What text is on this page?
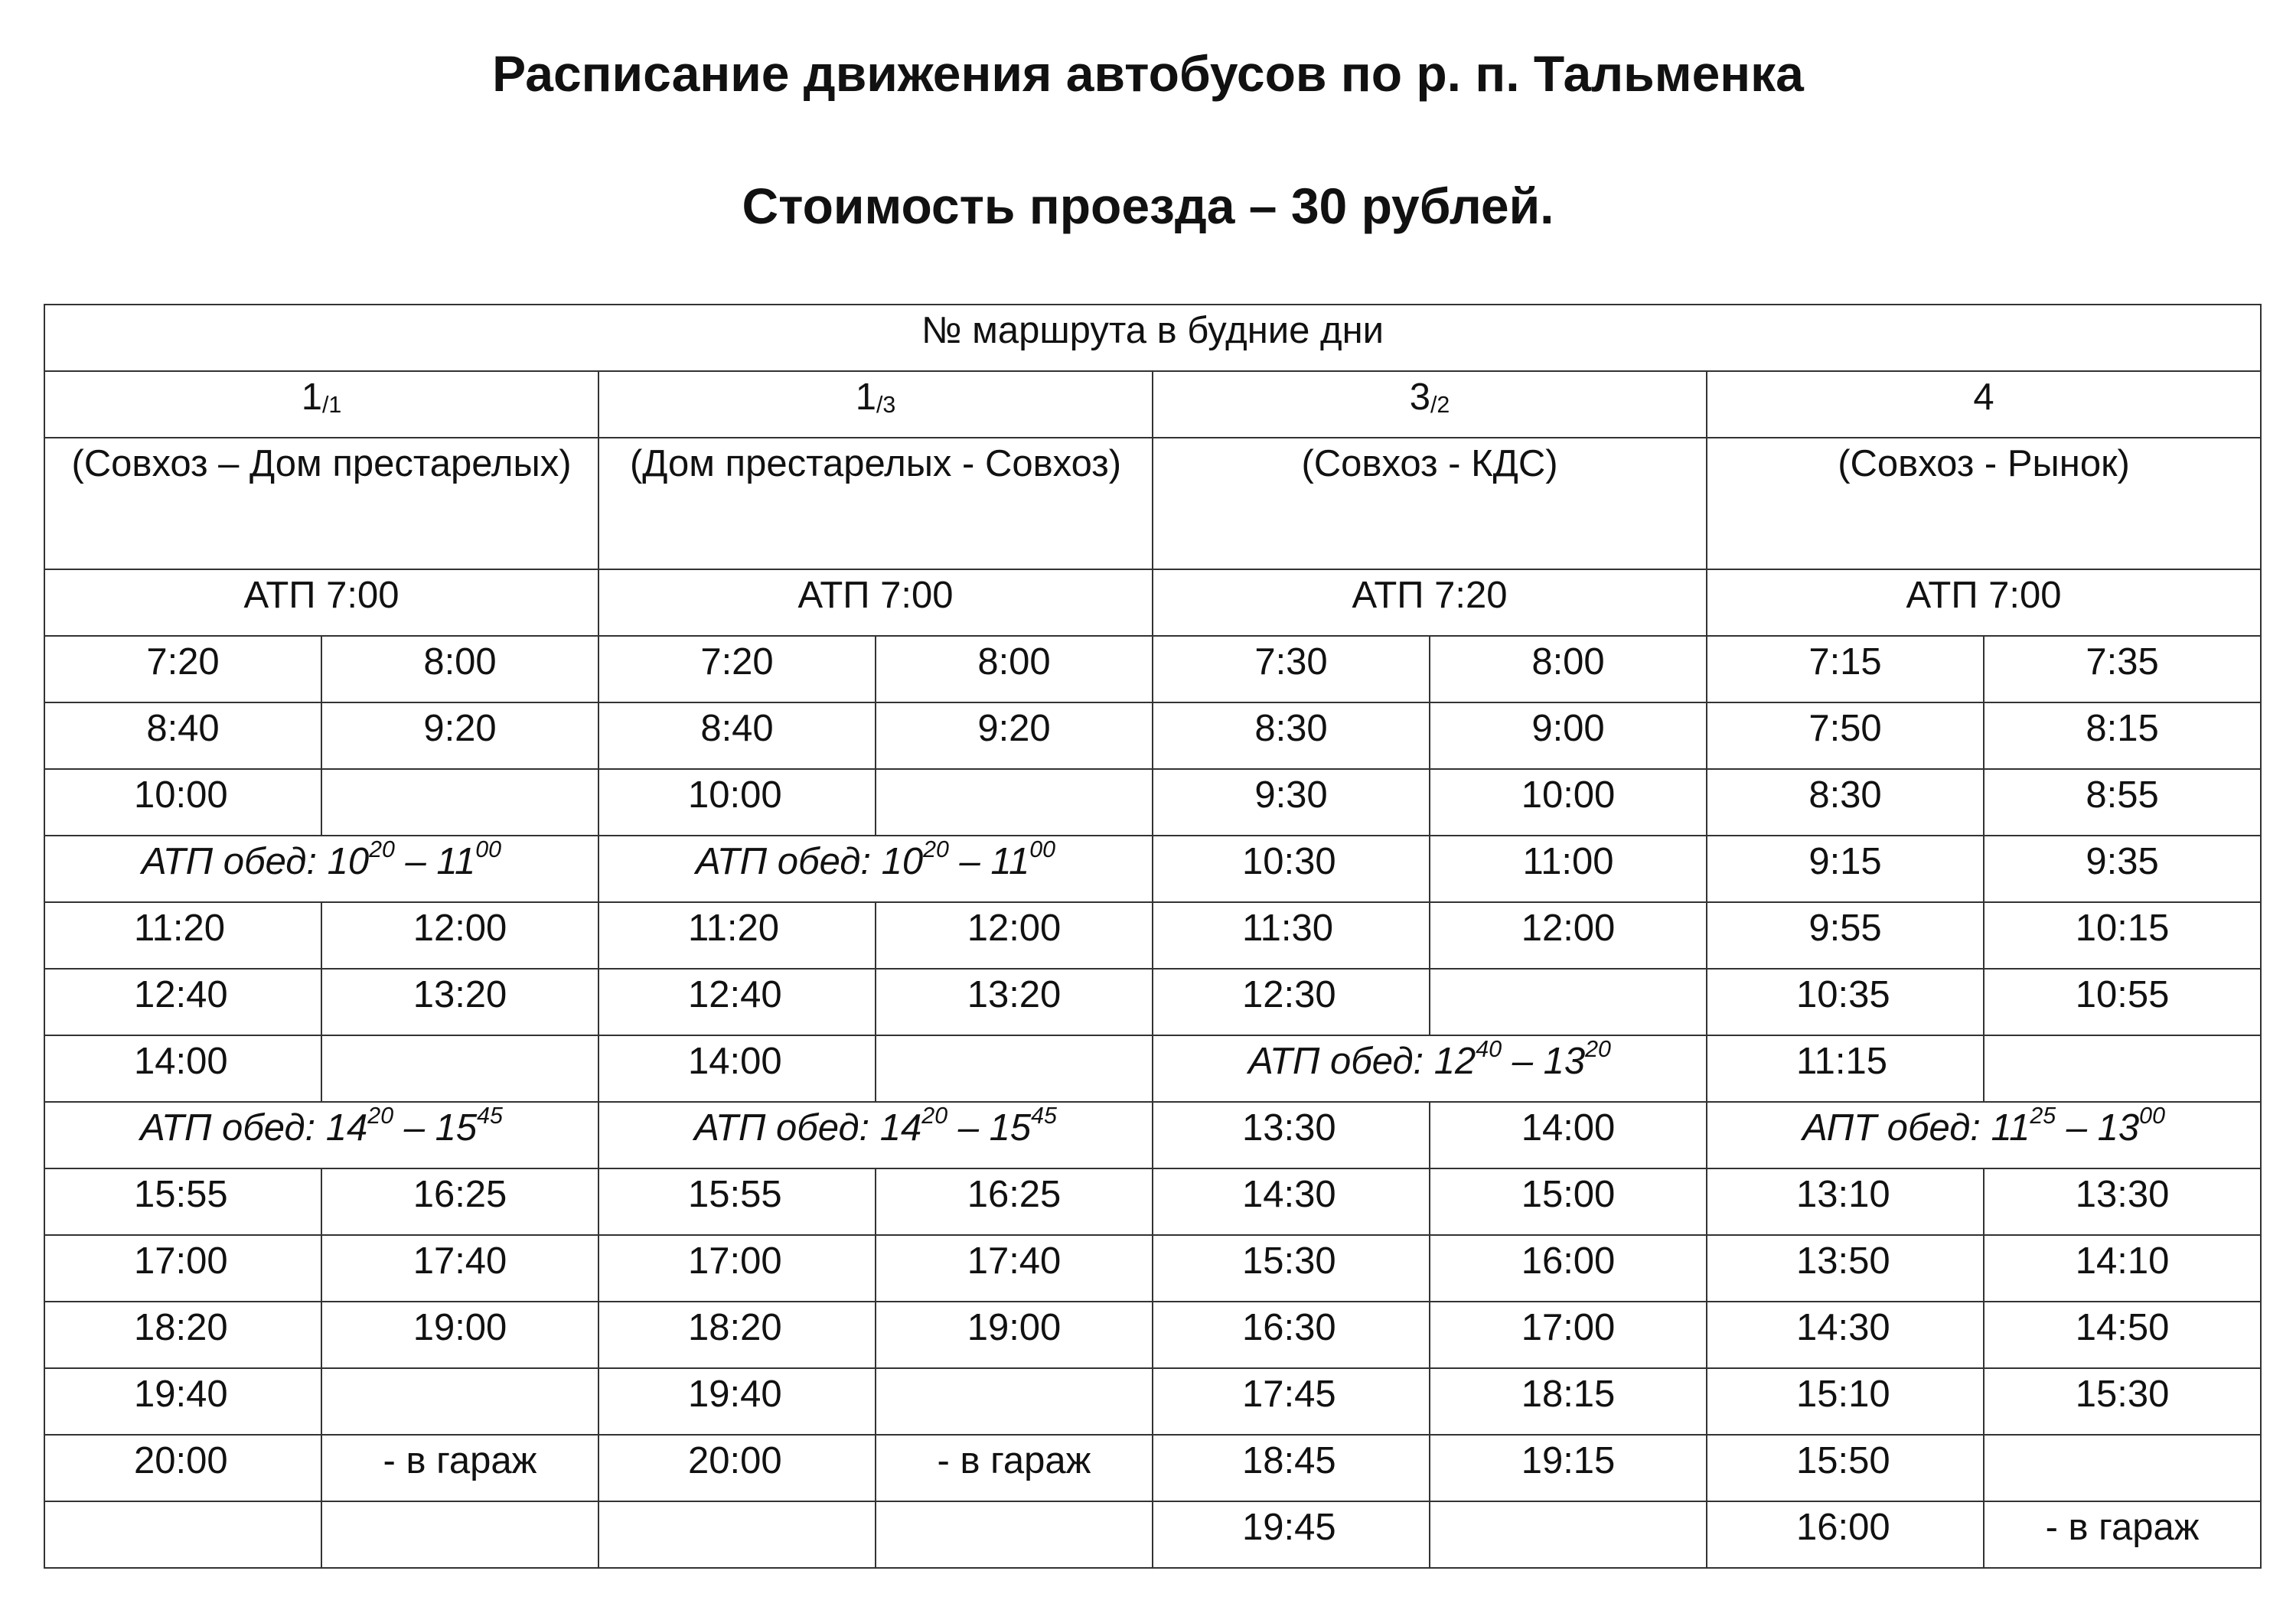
Расписание движения автобусов по р. п. Тальменка
Стоимость проезда – 30 рублей.
№ маршрута в будние дни							
$1_{/1}$		$1_{/3}$		$3_{/2}$		4	
(Совхоз – Дом престарелых)		(Дом престарелых - Совхоз)		(Совхоз - КДС)		(Совхоз - Рынок)	
АТП 7:00		АТП 7:00		АТП 7:20		АТП 7:00	
7:20	8:00	7:20	8:00	7:30	8:00	7:15	7:35
8:40	9:20	8:40	9:20	8:30	9:00	7:50	8:15
10:00		10:00		9:30	10:00	8:30	8:55
АТП обед: $10^{20} - 11^{00}$		АТП обед: $10^{20} - 11^{00}$		10:30	11:00	9:15	9:35
11:20	12:00	11:20	12:00	11:30	12:00	9:55	10:15
12:40	13:20	12:40	13:20	12:30		10:35	10:55
14:00		14:00		АТП обед: $12^{40} - 13^{20}$		11:15	
АТП обед: $14^{20} - 15^{45}$		АТП обед: $14^{20} - 15^{45}$		13:30	14:00	АПТ обед: $11^{25} - 13^{00}$
15:55	16:25	15:55	16:25	14:30	15:00	13:10	13:30
17:00	17:40	17:00	17:40	15:30	16:00	13:50	14:10
18:20	19:00	18:20	19:00	16:30	17:00	14:30	14:50
19:40		19:40		17:45	18:15	15:10	15:30
20:00	- в гараж	20:00	- в гараж	18:45	19:15	15:50	
				19:45		16:00	- в гараж
